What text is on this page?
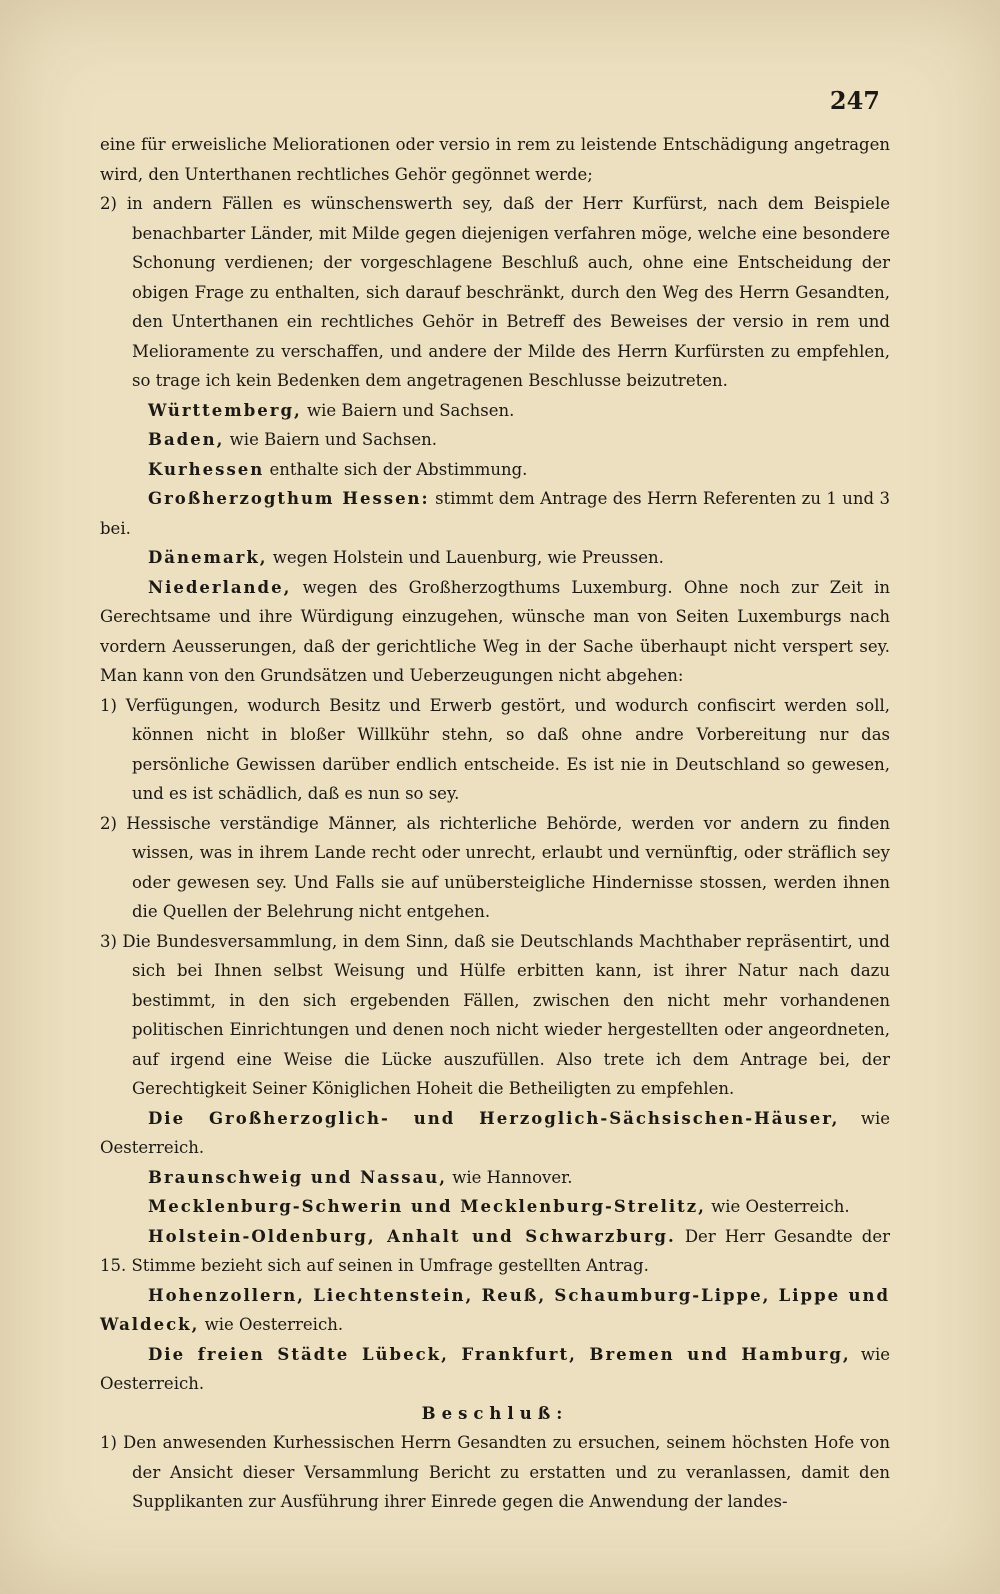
247

eine für erweisliche Meliorationen oder versio in rem zu leistende Entschädigung angetragen wird, den Unterthanen rechtliches Gehör gegönnet werde;

2) in andern Fällen es wünschenswerth sey, daß der Herr Kurfürst, nach dem Beispiele benachbarter Länder, mit Milde gegen diejenigen verfahren möge, welche eine besondere Schonung verdienen; der vorgeschlagene Beschluß auch, ohne eine Entscheidung der obigen Frage zu enthalten, sich darauf beschränkt, durch den Weg des Herrn Gesandten, den Unterthanen ein rechtliches Gehör in Betreff des Beweises der versio in rem und Melioramente zu verschaffen, und andere der Milde des Herrn Kurfürsten zu empfehlen, so trage ich kein Bedenken dem angetragenen Beschlusse beizutreten.

Württemberg, wie Baiern und Sachsen.

Baden, wie Baiern und Sachsen.

Kurhessen enthalte sich der Abstimmung.

Großherzogthum Hessen: stimmt dem Antrage des Herrn Referenten zu 1 und 3 bei.

Dänemark, wegen Holstein und Lauenburg, wie Preussen.

Niederlande, wegen des Großherzogthums Luxemburg. Ohne noch zur Zeit in Gerechtsame und ihre Würdigung einzugehen, wünsche man von Seiten Luxemburgs nach vordern Aeusserungen, daß der gerichtliche Weg in der Sache überhaupt nicht verspert sey. Man kann von den Grundsätzen und Ueberzeugungen nicht abgehen:

1) Verfügungen, wodurch Besitz und Erwerb gestört, und wodurch confiscirt werden soll, können nicht in bloßer Willkühr stehn, so daß ohne andre Vorbereitung nur das persönliche Gewissen darüber endlich entscheide. Es ist nie in Deutschland so gewesen, und es ist schädlich, daß es nun so sey.

2) Hessische verständige Männer, als richterliche Behörde, werden vor andern zu finden wissen, was in ihrem Lande recht oder unrecht, erlaubt und vernünftig, oder sträflich sey oder gewesen sey. Und Falls sie auf unübersteigliche Hindernisse stossen, werden ihnen die Quellen der Belehrung nicht entgehen.

3) Die Bundesversammlung, in dem Sinn, daß sie Deutschlands Machthaber repräsentirt, und sich bei Ihnen selbst Weisung und Hülfe erbitten kann, ist ihrer Natur nach dazu bestimmt, in den sich ergebenden Fällen, zwischen den nicht mehr vorhandenen politischen Einrichtungen und denen noch nicht wieder hergestellten oder angeordneten, auf irgend eine Weise die Lücke auszufüllen. Also trete ich dem Antrage bei, der Gerechtigkeit Seiner Königlichen Hoheit die Betheiligten zu empfehlen.

Die Großherzoglich- und Herzoglich-Sächsischen-Häuser, wie Oesterreich.

Braunschweig und Nassau, wie Hannover.

Mecklenburg-Schwerin und Mecklenburg-Strelitz, wie Oesterreich.

Holstein-Oldenburg, Anhalt und Schwarzburg. Der Herr Gesandte der 15. Stimme bezieht sich auf seinen in Umfrage gestellten Antrag.

Hohenzollern, Liechtenstein, Reuß, Schaumburg-Lippe, Lippe und Waldeck, wie Oesterreich.

Die freien Städte Lübeck, Frankfurt, Bremen und Hamburg, wie Oesterreich.

Beschluß:

1) Den anwesenden Kurhessischen Herrn Gesandten zu ersuchen, seinem höchsten Hofe von der Ansicht dieser Versammlung Bericht zu erstatten und zu veranlassen, damit den Supplikanten zur Ausführung ihrer Einrede gegen die Anwendung der landes-
